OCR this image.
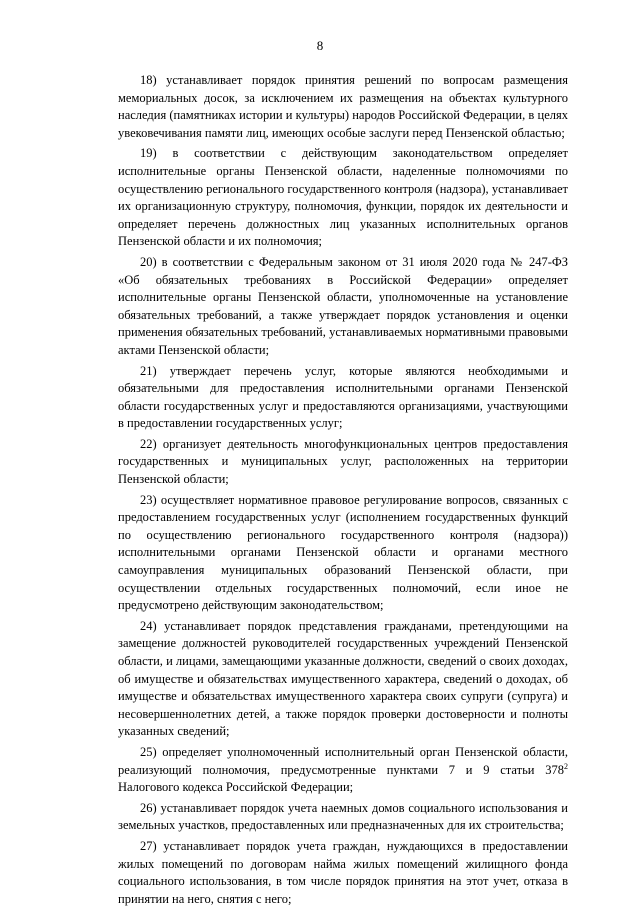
8

18) устанавливает порядок принятия решений по вопросам размещения мемориальных досок, за исключением их размещения на объектах культурного наследия (памятниках истории и культуры) народов Российской Федерации, в целях увековечивания памяти лиц, имеющих особые заслуги перед Пензенской областью;

19) в соответствии с действующим законодательством определяет исполнительные органы Пензенской области, наделенные полномочиями по осуществлению регионального государственного контроля (надзора), устанавливает их организационную структуру, полномочия, функции, порядок их деятельности и определяет перечень должностных лиц указанных исполнительных органов Пензенской области и их полномочия;

20) в соответствии с Федеральным законом от 31 июля 2020 года № 247-ФЗ «Об обязательных требованиях в Российской Федерации» определяет исполнительные органы Пензенской области, уполномоченные на установление обязательных требований, а также утверждает порядок установления и оценки применения обязательных требований, устанавливаемых нормативными правовыми актами Пензенской области;

21) утверждает перечень услуг, которые являются необходимыми и обязательными для предоставления исполнительными органами Пензенской области государственных услуг и предоставляются организациями, участвующими в предоставлении государственных услуг;

22) организует деятельность многофункциональных центров предоставления государственных и муниципальных услуг, расположенных на территории Пензенской области;

23) осуществляет нормативное правовое регулирование вопросов, связанных с предоставлением государственных услуг (исполнением государственных функций по осуществлению регионального государственного контроля (надзора)) исполнительными органами Пензенской области и органами местного самоуправления муниципальных образований Пензенской области, при осуществлении отдельных государственных полномочий, если иное не предусмотрено действующим законодательством;

24) устанавливает порядок представления гражданами, претендующими на замещение должностей руководителей государственных учреждений Пензенской области, и лицами, замещающими указанные должности, сведений о своих доходах, об имуществе и обязательствах имущественного характера, сведений о доходах, об имуществе и обязательствах имущественного характера своих супруги (супруга) и несовершеннолетних детей, а также порядок проверки достоверности и полноты указанных сведений;

25) определяет уполномоченный исполнительный орган Пензенской области, реализующий полномочия, предусмотренные пунктами 7 и 9 статьи $378^2$ Налогового кодекса Российской Федерации;

26) устанавливает порядок учета наемных домов социального использования и земельных участков, предоставленных или предназначенных для их строительства;

27) устанавливает порядок учета граждан, нуждающихся в предоставлении жилых помещений по договорам найма жилых помещений жилищного фонда социального использования, в том числе порядок принятия на этот учет, отказа в принятии на него, снятия с него;
